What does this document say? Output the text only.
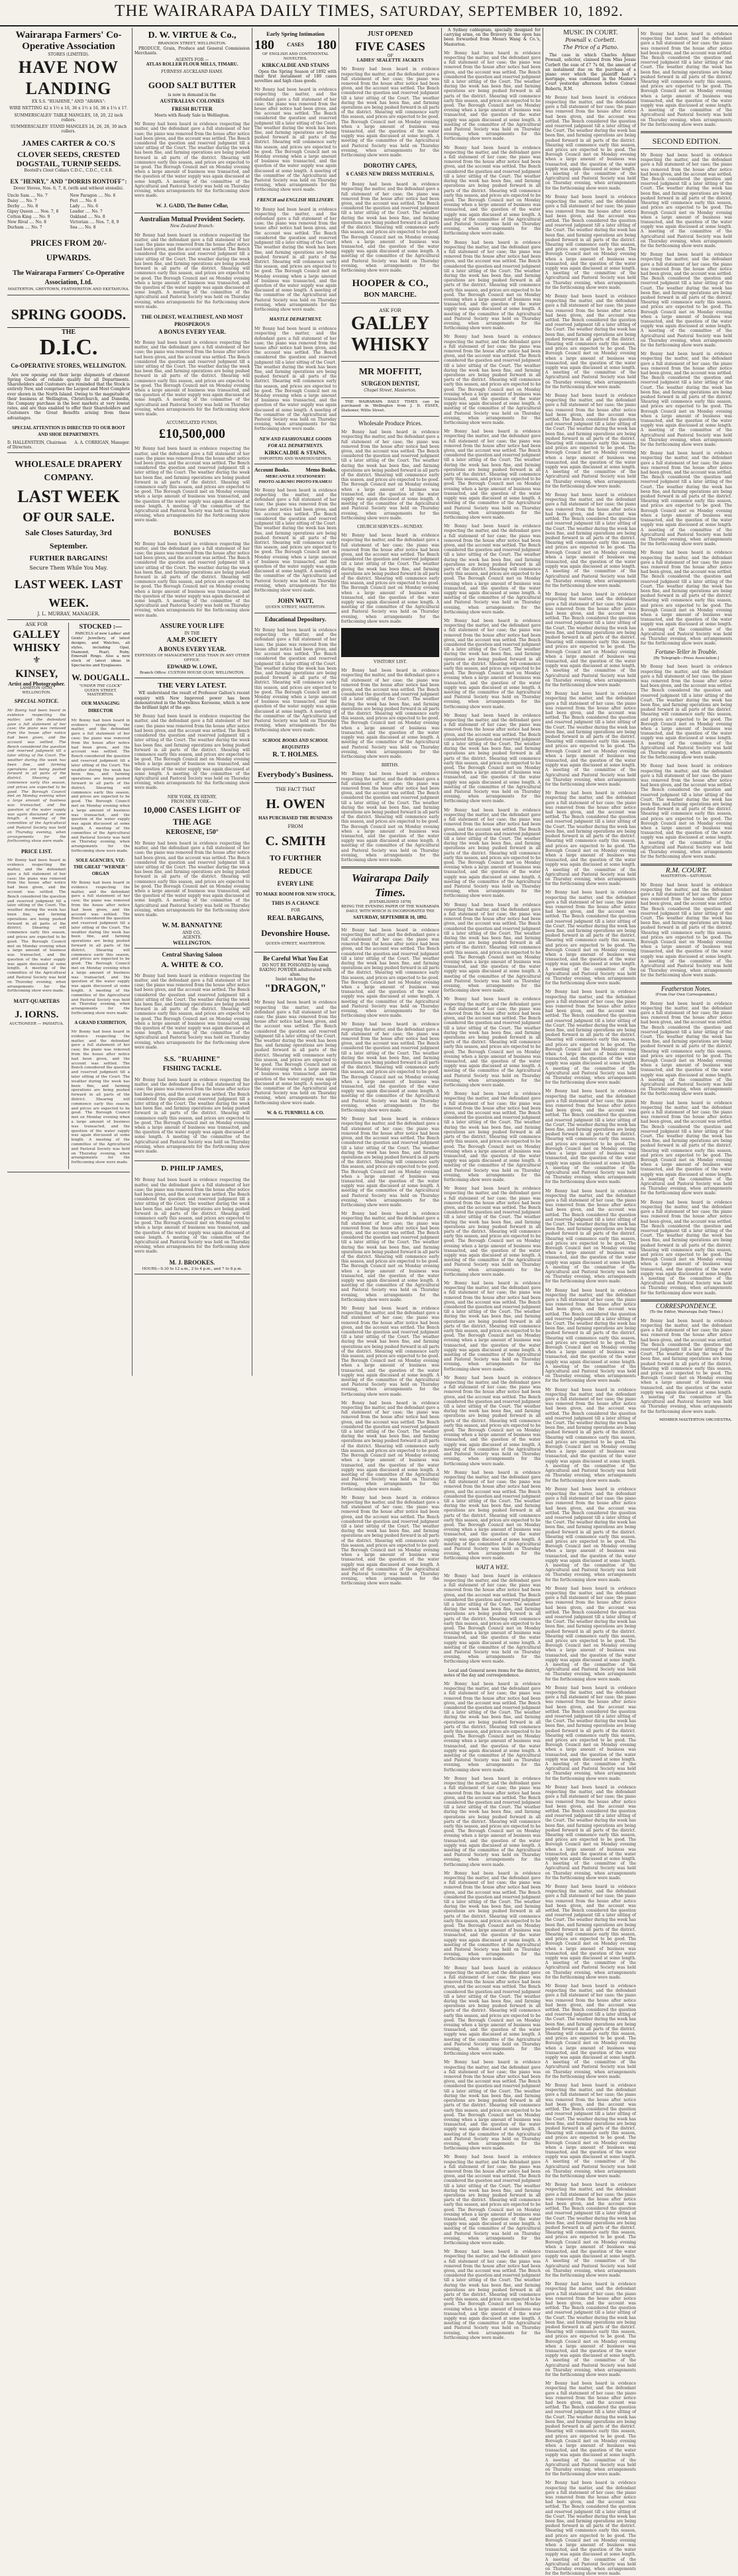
THE WAIRARAPA DAILY TIMES, SATURDAY, SEPTEMBER 10, 1892.
Wairarapa Farmers' Co-Operative Association
STORES (LIMITED).
HAVE NOW LANDING
EX S.S. "RUAHINE," AND "ARAWA":
WIRE NETTING 42 x 1½ x 16, 36 x 1½ x 16, 36 x 1¼ x 17.
SUMMERSCALES' TABLE MANGLES, 18, 20, 22 inch rollers.
SUMMERSCALES' STAND MANGLES 24, 26, 28, 30 inch rollers.
JAMES CARTER & CO.'S
CLOVER SEEDS, CRESTED DOGSTAIL, TURNIP SEEDS.
Bootell's Clout Collars C.D.C., C.D.C., C.S.B.
EX "HENRY," AND "DORRIS RONTOFF":
Dover Stoves, Nos. 6, 7, 8, (with and without utensils).
Uncle Sam .... No. 7
Daisy .... No. 7
Derby .... No. 8
Gipsy Queen .... Nos. 7, 8
Cotton King .... No. 9
New Rival .... No. 8
Durham .... No. 7
New Paragon .... No. 6
Peri .... No. 6
Lady .... No. 6
Leader .... No. 7
Oakland .... No. 8
Victorian .... Nos. 7, 8, 9
Sea .... No. 8
PRICES FROM 20/- UPWARDS.
The Wairarapa Farmers' Co-Operative Association, Ltd.
MASTERTON, GREYTOWN, FEATHERSTON AND EKETAHUNA.
SPRING GOODS.
THE
D.I.C.
Co-OPERATIVE STORES, WELLINGTON.

Are now opening out their large shipments of choicest Spring Goods of reliable quality for all Departments. Shareholders and Customers are reminded that the Stock is entirely New, and comprises the Largest and Most Complete ever shown in the North Island. Owing to the magnitude of their business at Wellington, Christchurch, and Dunedin, the Company purchase in the best markets at very lowest rates, and are thus enabled to offer their Shareholders and Customers the Great Benefits arising from these advantages.

SPECIAL ATTENTION IS DIRECTED TO OUR BOOT AND SHOE DEPARTMENTS.
D. HALLENSTEIN, Chairman of Directors.
A. A. CORRIGAN, Manager.
WHOLESALE DRAPERY COMPANY.
LAST WEEK
OF OUR SALE.
Sale Closes Saturday, 3rd September.
FURTHER BARGAINS!
Secure Them While You May.
LAST WEEK. LAST WEEK.
J. L. MURRAY, MANAGER.
ASK FOR
GALLEY WHISKY
⚜
KINSEY,
Artist and Photographer.
LAMBTON QUAY, WELLINGTON.
SPECIAL NOTICE.

Mr Bonny had been heard in evidence respecting the matter, and the defendant gave a full statement of her case; the piano was removed from the house after notice had been given, and the account was settled. The Bench considered the question and reserved judgment till a later sitting of the Court. The weather during the week has been fine, and farming operations are being pushed forward in all parts of the district. Shearing will commence early this season, and prices are expected to be good. The Borough Council met on Monday evening when a large amount of business was transacted, and the question of the water supply was again discussed at some length. A meeting of the committee of the Agricultural and Pastoral Society was held on Thursday evening, when arrangements for the forthcoming show were made.

PRICE LIST.

Mr Bonny had been heard in evidence respecting the matter, and the defendant gave a full statement of her case; the piano was removed from the house after notice had been given, and the account was settled. The Bench considered the question and reserved judgment till a later sitting of the Court. The weather during the week has been fine, and farming operations are being pushed forward in all parts of the district. Shearing will commence early this season, and prices are expected to be good. The Borough Council met on Monday evening when a large amount of business was transacted, and the question of the water supply was again discussed at some length. A meeting of the committee of the Agricultural and Pastoral Society was held on Thursday evening, when arrangements for the forthcoming show were made.

MATT-QUARTERS
J. IORNS.
AUCTIONEER — PAHIATUA.
STOCKED :—

PARCELS of new Ladies' and Gents' Jewellery, of latest designs, and Watches, all styles, including Opal, Diamond, Pearl, Ruby, Emerald Rings. Also a new stock of latest ideas in Spectacles and Eyeglasses.

W. DOUGALL.
"UNDER THE CLOCK"
QUEEN STREET, MASTERTON.
OUR MANAGING DIRECTOR

Mr Bonny had been heard in evidence respecting the matter, and the defendant gave a full statement of her case; the piano was removed from the house after notice had been given, and the account was settled. The Bench considered the question and reserved judgment till a later sitting of the Court. The weather during the week has been fine, and farming operations are being pushed forward in all parts of the district. Shearing will commence early this season, and prices are expected to be good. The Borough Council met on Monday evening when a large amount of business was transacted, and the question of the water supply was again discussed at some length. A meeting of the committee of the Agricultural and Pastoral Society was held on Thursday evening, when arrangements for the forthcoming show were made.

SOLE AGENCIES, VIZ: THE GREAT "WERNER" ORGAN

Mr Bonny had been heard in evidence respecting the matter, and the defendant gave a full statement of her case; the piano was removed from the house after notice had been given, and the account was settled. The Bench considered the question and reserved judgment till a later sitting of the Court. The weather during the week has been fine, and farming operations are being pushed forward in all parts of the district. Shearing will commence early this season, and prices are expected to be good. The Borough Council met on Monday evening when a large amount of business was transacted, and the question of the water supply was again discussed at some length. A meeting of the committee of the Agricultural and Pastoral Society was held on Thursday evening, when arrangements for the forthcoming show were made.

A GRAND EXHIBITION,

Mr Bonny had been heard in evidence respecting the matter, and the defendant gave a full statement of her case; the piano was removed from the house after notice had been given, and the account was settled. The Bench considered the question and reserved judgment till a later sitting of the Court. The weather during the week has been fine, and farming operations are being pushed forward in all parts of the district. Shearing will commence early this season, and prices are expected to be good. The Borough Council met on Monday evening when a large amount of business was transacted, and the question of the water supply was again discussed at some length. A meeting of the committee of the Agricultural and Pastoral Society was held on Thursday evening, when arrangements for the forthcoming show were made.

D. W. VIRTUE & Co.,
BRANDON STREET, WELLINGTON.

PRODUCE, Grain, Produce and General Commission Merchants.

AGENTS FOR —
ATLAS ROLLER FLOUR MILLS, TIMARU.
FURNESS AUCKLAND HAMS.
GOOD SALT BUTTER
is now in demand in the
AUSTRALIAN COLONIES
FRESH BUTTER
Meets with Ready Sale in Wellington.

Mr Bonny had been heard in evidence respecting the matter, and the defendant gave a full statement of her case; the piano was removed from the house after notice had been given, and the account was settled. The Bench considered the question and reserved judgment till a later sitting of the Court. The weather during the week has been fine, and farming operations are being pushed forward in all parts of the district. Shearing will commence early this season, and prices are expected to be good. The Borough Council met on Monday evening when a large amount of business was transacted, and the question of the water supply was again discussed at some length. A meeting of the committee of the Agricultural and Pastoral Society was held on Thursday evening, when arrangements for the forthcoming show were made.

W. J. GADD, The Butter Cellar,
Australian Mutual Provident Society.
New Zealand Branch:

Mr Bonny had been heard in evidence respecting the matter, and the defendant gave a full statement of her case; the piano was removed from the house after notice had been given, and the account was settled. The Bench considered the question and reserved judgment till a later sitting of the Court. The weather during the week has been fine, and farming operations are being pushed forward in all parts of the district. Shearing will commence early this season, and prices are expected to be good. The Borough Council met on Monday evening when a large amount of business was transacted, and the question of the water supply was again discussed at some length. A meeting of the committee of the Agricultural and Pastoral Society was held on Thursday evening, when arrangements for the forthcoming show were made.

THE OLDEST, WEALTHIEST, AND MOST PROSPEROUS
A BONUS EVERY YEAR.

Mr Bonny had been heard in evidence respecting the matter, and the defendant gave a full statement of her case; the piano was removed from the house after notice had been given, and the account was settled. The Bench considered the question and reserved judgment till a later sitting of the Court. The weather during the week has been fine, and farming operations are being pushed forward in all parts of the district. Shearing will commence early this season, and prices are expected to be good. The Borough Council met on Monday evening when a large amount of business was transacted, and the question of the water supply was again discussed at some length. A meeting of the committee of the Agricultural and Pastoral Society was held on Thursday evening, when arrangements for the forthcoming show were made.

ACCUMULATED FUNDS,
£10,500,000

Mr Bonny had been heard in evidence respecting the matter, and the defendant gave a full statement of her case; the piano was removed from the house after notice had been given, and the account was settled. The Bench considered the question and reserved judgment till a later sitting of the Court. The weather during the week has been fine, and farming operations are being pushed forward in all parts of the district. Shearing will commence early this season, and prices are expected to be good. The Borough Council met on Monday evening when a large amount of business was transacted, and the question of the water supply was again discussed at some length. A meeting of the committee of the Agricultural and Pastoral Society was held on Thursday evening, when arrangements for the forthcoming show were made.

BONUSES

Mr Bonny had been heard in evidence respecting the matter, and the defendant gave a full statement of her case; the piano was removed from the house after notice had been given, and the account was settled. The Bench considered the question and reserved judgment till a later sitting of the Court. The weather during the week has been fine, and farming operations are being pushed forward in all parts of the district. Shearing will commence early this season, and prices are expected to be good. The Borough Council met on Monday evening when a large amount of business was transacted, and the question of the water supply was again discussed at some length. A meeting of the committee of the Agricultural and Pastoral Society was held on Thursday evening, when arrangements for the forthcoming show were made.

ASSURE YOUR LIFE
IN THE
A.M.P. SOCIETY
A BONUS EVERY YEAR.
EXPENSES OF MANAGEMENT LESS THAN IN ANY OTHER OFFICE.
EDWARD W. LOWE,
Branch Office: CUSTOM HOUSE QUAY, WELLINGTON.
THE VERY LATEST.

WE understand the result of Professor Galton's recent enquiry with New Improved power has been demonstrated in the Marvellous Kerosene, which is now the brilliant light of the age.

Mr Bonny had been heard in evidence respecting the matter, and the defendant gave a full statement of her case; the piano was removed from the house after notice had been given, and the account was settled. The Bench considered the question and reserved judgment till a later sitting of the Court. The weather during the week has been fine, and farming operations are being pushed forward in all parts of the district. Shearing will commence early this season, and prices are expected to be good. The Borough Council met on Monday evening when a large amount of business was transacted, and the question of the water supply was again discussed at some length. A meeting of the committee of the Agricultural and Pastoral Society was held on Thursday evening, when arrangements for the forthcoming show were made.

NEW YORK, EX HENRY,
FROM NEW YORK—
10,000 CASES LIGHT OF THE AGE
KEROSENE, 150°

Mr Bonny had been heard in evidence respecting the matter, and the defendant gave a full statement of her case; the piano was removed from the house after notice had been given, and the account was settled. The Bench considered the question and reserved judgment till a later sitting of the Court. The weather during the week has been fine, and farming operations are being pushed forward in all parts of the district. Shearing will commence early this season, and prices are expected to be good. The Borough Council met on Monday evening when a large amount of business was transacted, and the question of the water supply was again discussed at some length. A meeting of the committee of the Agricultural and Pastoral Society was held on Thursday evening, when arrangements for the forthcoming show were made.

W. M. BANNATYNE
AND CO.,
AGENTS.
WELLINGTON.
Central Shaving Saloon
A. WHITE & CO.

Mr Bonny had been heard in evidence respecting the matter, and the defendant gave a full statement of her case; the piano was removed from the house after notice had been given, and the account was settled. The Bench considered the question and reserved judgment till a later sitting of the Court. The weather during the week has been fine, and farming operations are being pushed forward in all parts of the district. Shearing will commence early this season, and prices are expected to be good. The Borough Council met on Monday evening when a large amount of business was transacted, and the question of the water supply was again discussed at some length. A meeting of the committee of the Agricultural and Pastoral Society was held on Thursday evening, when arrangements for the forthcoming show were made.

S.S. "RUAHINE"
FISHING TACKLE.

Mr Bonny had been heard in evidence respecting the matter, and the defendant gave a full statement of her case; the piano was removed from the house after notice had been given, and the account was settled. The Bench considered the question and reserved judgment till a later sitting of the Court. The weather during the week has been fine, and farming operations are being pushed forward in all parts of the district. Shearing will commence early this season, and prices are expected to be good. The Borough Council met on Monday evening when a large amount of business was transacted, and the question of the water supply was again discussed at some length. A meeting of the committee of the Agricultural and Pastoral Society was held on Thursday evening, when arrangements for the forthcoming show were made.

D. PHILIP JAMES,

Mr Bonny had been heard in evidence respecting the matter, and the defendant gave a full statement of her case; the piano was removed from the house after notice had been given, and the account was settled. The Bench considered the question and reserved judgment till a later sitting of the Court. The weather during the week has been fine, and farming operations are being pushed forward in all parts of the district. Shearing will commence early this season, and prices are expected to be good. The Borough Council met on Monday evening when a large amount of business was transacted, and the question of the water supply was again discussed at some length. A meeting of the committee of the Agricultural and Pastoral Society was held on Thursday evening, when arrangements for the forthcoming show were made.

M. J. BROOKES.
HOURS—9.30 to 12 a.m., 2 to 4 p.m., and 7 to 8 p.m.
Early Spring Intimation
180 CASES 180
OF ENGLISH AND CONTINENTAL NOVELTIES.
KIRKCALDIE AND STAINS

Open the Spring Season of 1892 with their first instalment of 180 cases novelties and high class goods.

Mr Bonny had been heard in evidence respecting the matter, and the defendant gave a full statement of her case; the piano was removed from the house after notice had been given, and the account was settled. The Bench considered the question and reserved judgment till a later sitting of the Court. The weather during the week has been fine, and farming operations are being pushed forward in all parts of the district. Shearing will commence early this season, and prices are expected to be good. The Borough Council met on Monday evening when a large amount of business was transacted, and the question of the water supply was again discussed at some length. A meeting of the committee of the Agricultural and Pastoral Society was held on Thursday evening, when arrangements for the forthcoming show were made.

FRENCH and ENGLISH MILLINERY.

Mr Bonny had been heard in evidence respecting the matter, and the defendant gave a full statement of her case; the piano was removed from the house after notice had been given, and the account was settled. The Bench considered the question and reserved judgment till a later sitting of the Court. The weather during the week has been fine, and farming operations are being pushed forward in all parts of the district. Shearing will commence early this season, and prices are expected to be good. The Borough Council met on Monday evening when a large amount of business was transacted, and the question of the water supply was again discussed at some length. A meeting of the committee of the Agricultural and Pastoral Society was held on Thursday evening, when arrangements for the forthcoming show were made.

MANTLE DEPARTMENT.

Mr Bonny had been heard in evidence respecting the matter, and the defendant gave a full statement of her case; the piano was removed from the house after notice had been given, and the account was settled. The Bench considered the question and reserved judgment till a later sitting of the Court. The weather during the week has been fine, and farming operations are being pushed forward in all parts of the district. Shearing will commence early this season, and prices are expected to be good. The Borough Council met on Monday evening when a large amount of business was transacted, and the question of the water supply was again discussed at some length. A meeting of the committee of the Agricultural and Pastoral Society was held on Thursday evening, when arrangements for the forthcoming show were made.

NEW AND FASHIONABLE GOODS
FOR ALL DEPARTMENTS.
KIRKCALDIE & STAINS,
IMPORTERS AND WAREHOUSEMEN,
Account Books.	Memo Books.
MERCANTILE STATIONERY!
PHOTO ALBUMS! PHOTO FRAMES!

Mr Bonny had been heard in evidence respecting the matter, and the defendant gave a full statement of her case; the piano was removed from the house after notice had been given, and the account was settled. The Bench considered the question and reserved judgment till a later sitting of the Court. The weather during the week has been fine, and farming operations are being pushed forward in all parts of the district. Shearing will commence early this season, and prices are expected to be good. The Borough Council met on Monday evening when a large amount of business was transacted, and the question of the water supply was again discussed at some length. A meeting of the committee of the Agricultural and Pastoral Society was held on Thursday evening, when arrangements for the forthcoming show were made.

JOHN WATT,
QUEEN STREET, MASTERTON.
Educational Depository.

Mr Bonny had been heard in evidence respecting the matter, and the defendant gave a full statement of her case; the piano was removed from the house after notice had been given, and the account was settled. The Bench considered the question and reserved judgment till a later sitting of the Court. The weather during the week has been fine, and farming operations are being pushed forward in all parts of the district. Shearing will commence early this season, and prices are expected to be good. The Borough Council met on Monday evening when a large amount of business was transacted, and the question of the water supply was again discussed at some length. A meeting of the committee of the Agricultural and Pastoral Society was held on Thursday evening, when arrangements for the forthcoming show were made.

SCHOOL BOOKS AND SCHOOL REQUISITES
R. T. HOLMES.
Everybody's Business.
THE FACT THAT
H. OWEN
HAS PURCHASED THE BUSINESS
FROM
C. SMITH
TO FURTHER REDUCE
EVERY LINE
TO MAKE ROOM FOR NEW STOCK,
THIS IS A CHANCE
FOR
REAL BARGAINS,
Devonshire House.
QUEEN-STREET, MASTERTON.
Be Careful What You Eat
DO NOT BE POISONED by using
BAKING POWDER adulterated with alum.
Insist on having the
"DRAGON,"

Mr Bonny had been heard in evidence respecting the matter, and the defendant gave a full statement of her case; the piano was removed from the house after notice had been given, and the account was settled. The Bench considered the question and reserved judgment till a later sitting of the Court. The weather during the week has been fine, and farming operations are being pushed forward in all parts of the district. Shearing will commence early this season, and prices are expected to be good. The Borough Council met on Monday evening when a large amount of business was transacted, and the question of the water supply was again discussed at some length. A meeting of the committee of the Agricultural and Pastoral Society was held on Thursday evening, when arrangements for the forthcoming show were made.

W. & G. TURNBULL & CO.
JUST OPENED
FIVE CASES
OF
LADIES' SEALETTE JACKETS

Mr Bonny had been heard in evidence respecting the matter, and the defendant gave a full statement of her case; the piano was removed from the house after notice had been given, and the account was settled. The Bench considered the question and reserved judgment till a later sitting of the Court. The weather during the week has been fine, and farming operations are being pushed forward in all parts of the district. Shearing will commence early this season, and prices are expected to be good. The Borough Council met on Monday evening when a large amount of business was transacted, and the question of the water supply was again discussed at some length. A meeting of the committee of the Agricultural and Pastoral Society was held on Thursday evening, when arrangements for the forthcoming show were made.

DOROTHY CAPES,
6 CASES NEW DRESS MATERIALS,

Mr Bonny had been heard in evidence respecting the matter, and the defendant gave a full statement of her case; the piano was removed from the house after notice had been given, and the account was settled. The Bench considered the question and reserved judgment till a later sitting of the Court. The weather during the week has been fine, and farming operations are being pushed forward in all parts of the district. Shearing will commence early this season, and prices are expected to be good. The Borough Council met on Monday evening when a large amount of business was transacted, and the question of the water supply was again discussed at some length. A meeting of the committee of the Agricultural and Pastoral Society was held on Thursday evening, when arrangements for the forthcoming show were made.

HOOPER & CO.,
BON MARCHE.
ASK FOR
GALLEY
WHISKY
MR MOFFITT,
SURGEON DENTIST,
Chapel Street, Masterton.

THE WAIRARAPA DAILY TIMES can be purchased in Wellington from J. D. ESSEX, Stationer, Willis Street.

Wholesale Produce Prices.

Mr Bonny had been heard in evidence respecting the matter, and the defendant gave a full statement of her case; the piano was removed from the house after notice had been given, and the account was settled. The Bench considered the question and reserved judgment till a later sitting of the Court. The weather during the week has been fine, and farming operations are being pushed forward in all parts of the district. Shearing will commence early this season, and prices are expected to be good. The Borough Council met on Monday evening when a large amount of business was transacted, and the question of the water supply was again discussed at some length. A meeting of the committee of the Agricultural and Pastoral Society was held on Thursday evening, when arrangements for the forthcoming show were made.

CHURCH SERVICES—SUNDAY.

Mr Bonny had been heard in evidence respecting the matter, and the defendant gave a full statement of her case; the piano was removed from the house after notice had been given, and the account was settled. The Bench considered the question and reserved judgment till a later sitting of the Court. The weather during the week has been fine, and farming operations are being pushed forward in all parts of the district. Shearing will commence early this season, and prices are expected to be good. The Borough Council met on Monday evening when a large amount of business was transacted, and the question of the water supply was again discussed at some length. A meeting of the committee of the Agricultural and Pastoral Society was held on Thursday evening, when arrangements for the forthcoming show were made.

VISITORS' LIST.

Mr Bonny had been heard in evidence respecting the matter, and the defendant gave a full statement of her case; the piano was removed from the house after notice had been given, and the account was settled. The Bench considered the question and reserved judgment till a later sitting of the Court. The weather during the week has been fine, and farming operations are being pushed forward in all parts of the district. Shearing will commence early this season, and prices are expected to be good. The Borough Council met on Monday evening when a large amount of business was transacted, and the question of the water supply was again discussed at some length. A meeting of the committee of the Agricultural and Pastoral Society was held on Thursday evening, when arrangements for the forthcoming show were made.

BIRTHS.

Mr Bonny had been heard in evidence respecting the matter, and the defendant gave a full statement of her case; the piano was removed from the house after notice had been given, and the account was settled. The Bench considered the question and reserved judgment till a later sitting of the Court. The weather during the week has been fine, and farming operations are being pushed forward in all parts of the district. Shearing will commence early this season, and prices are expected to be good. The Borough Council met on Monday evening when a large amount of business was transacted, and the question of the water supply was again discussed at some length. A meeting of the committee of the Agricultural and Pastoral Society was held on Thursday evening, when arrangements for the forthcoming show were made.

Wairarapa Daily Times.
[ESTABLISHED 1878]
BEING THE EVENING PAPER OF THE WAIRARAPA DAILY, WITH WHICH IS INCORPORATED THE
SATURDAY, SEPTEMBER 10, 1892.

Mr Bonny had been heard in evidence respecting the matter, and the defendant gave a full statement of her case; the piano was removed from the house after notice had been given, and the account was settled. The Bench considered the question and reserved judgment till a later sitting of the Court. The weather during the week has been fine, and farming operations are being pushed forward in all parts of the district. Shearing will commence early this season, and prices are expected to be good. The Borough Council met on Monday evening when a large amount of business was transacted, and the question of the water supply was again discussed at some length. A meeting of the committee of the Agricultural and Pastoral Society was held on Thursday evening, when arrangements for the forthcoming show were made.

Mr Bonny had been heard in evidence respecting the matter, and the defendant gave a full statement of her case; the piano was removed from the house after notice had been given, and the account was settled. The Bench considered the question and reserved judgment till a later sitting of the Court. The weather during the week has been fine, and farming operations are being pushed forward in all parts of the district. Shearing will commence early this season, and prices are expected to be good. The Borough Council met on Monday evening when a large amount of business was transacted, and the question of the water supply was again discussed at some length. A meeting of the committee of the Agricultural and Pastoral Society was held on Thursday evening, when arrangements for the forthcoming show were made.

Mr Bonny had been heard in evidence respecting the matter, and the defendant gave a full statement of her case; the piano was removed from the house after notice had been given, and the account was settled. The Bench considered the question and reserved judgment till a later sitting of the Court. The weather during the week has been fine, and farming operations are being pushed forward in all parts of the district. Shearing will commence early this season, and prices are expected to be good. The Borough Council met on Monday evening when a large amount of business was transacted, and the question of the water supply was again discussed at some length. A meeting of the committee of the Agricultural and Pastoral Society was held on Thursday evening, when arrangements for the forthcoming show were made.

Mr Bonny had been heard in evidence respecting the matter, and the defendant gave a full statement of her case; the piano was removed from the house after notice had been given, and the account was settled. The Bench considered the question and reserved judgment till a later sitting of the Court. The weather during the week has been fine, and farming operations are being pushed forward in all parts of the district. Shearing will commence early this season, and prices are expected to be good. The Borough Council met on Monday evening when a large amount of business was transacted, and the question of the water supply was again discussed at some length. A meeting of the committee of the Agricultural and Pastoral Society was held on Thursday evening, when arrangements for the forthcoming show were made.

Mr Bonny had been heard in evidence respecting the matter, and the defendant gave a full statement of her case; the piano was removed from the house after notice had been given, and the account was settled. The Bench considered the question and reserved judgment till a later sitting of the Court. The weather during the week has been fine, and farming operations are being pushed forward in all parts of the district. Shearing will commence early this season, and prices are expected to be good. The Borough Council met on Monday evening when a large amount of business was transacted, and the question of the water supply was again discussed at some length. A meeting of the committee of the Agricultural and Pastoral Society was held on Thursday evening, when arrangements for the forthcoming show were made.

Mr Bonny had been heard in evidence respecting the matter, and the defendant gave a full statement of her case; the piano was removed from the house after notice had been given, and the account was settled. The Bench considered the question and reserved judgment till a later sitting of the Court. The weather during the week has been fine, and farming operations are being pushed forward in all parts of the district. Shearing will commence early this season, and prices are expected to be good. The Borough Council met on Monday evening when a large amount of business was transacted, and the question of the water supply was again discussed at some length. A meeting of the committee of the Agricultural and Pastoral Society was held on Thursday evening, when arrangements for the forthcoming show were made.

Mr Bonny had been heard in evidence respecting the matter, and the defendant gave a full statement of her case; the piano was removed from the house after notice had been given, and the account was settled. The Bench considered the question and reserved judgment till a later sitting of the Court. The weather during the week has been fine, and farming operations are being pushed forward in all parts of the district. Shearing will commence early this season, and prices are expected to be good. The Borough Council met on Monday evening when a large amount of business was transacted, and the question of the water supply was again discussed at some length. A meeting of the committee of the Agricultural and Pastoral Society was held on Thursday evening, when arrangements for the forthcoming show were made.

A Sydney cablegram, specially designed for carrying arms, on the Bravery in the open has been forwarded from Messrs Wang & Co.'s, Masterton.

Mr Bonny had been heard in evidence respecting the matter, and the defendant gave a full statement of her case; the piano was removed from the house after notice had been given, and the account was settled. The Bench considered the question and reserved judgment till a later sitting of the Court. The weather during the week has been fine, and farming operations are being pushed forward in all parts of the district. Shearing will commence early this season, and prices are expected to be good. The Borough Council met on Monday evening when a large amount of business was transacted, and the question of the water supply was again discussed at some length. A meeting of the committee of the Agricultural and Pastoral Society was held on Thursday evening, when arrangements for the forthcoming show were made.

Mr Bonny had been heard in evidence respecting the matter, and the defendant gave a full statement of her case; the piano was removed from the house after notice had been given, and the account was settled. The Bench considered the question and reserved judgment till a later sitting of the Court. The weather during the week has been fine, and farming operations are being pushed forward in all parts of the district. Shearing will commence early this season, and prices are expected to be good. The Borough Council met on Monday evening when a large amount of business was transacted, and the question of the water supply was again discussed at some length. A meeting of the committee of the Agricultural and Pastoral Society was held on Thursday evening, when arrangements for the forthcoming show were made.

Mr Bonny had been heard in evidence respecting the matter, and the defendant gave a full statement of her case; the piano was removed from the house after notice had been given, and the account was settled. The Bench considered the question and reserved judgment till a later sitting of the Court. The weather during the week has been fine, and farming operations are being pushed forward in all parts of the district. Shearing will commence early this season, and prices are expected to be good. The Borough Council met on Monday evening when a large amount of business was transacted, and the question of the water supply was again discussed at some length. A meeting of the committee of the Agricultural and Pastoral Society was held on Thursday evening, when arrangements for the forthcoming show were made.

Mr Bonny had been heard in evidence respecting the matter, and the defendant gave a full statement of her case; the piano was removed from the house after notice had been given, and the account was settled. The Bench considered the question and reserved judgment till a later sitting of the Court. The weather during the week has been fine, and farming operations are being pushed forward in all parts of the district. Shearing will commence early this season, and prices are expected to be good. The Borough Council met on Monday evening when a large amount of business was transacted, and the question of the water supply was again discussed at some length. A meeting of the committee of the Agricultural and Pastoral Society was held on Thursday evening, when arrangements for the forthcoming show were made.

Mr Bonny had been heard in evidence respecting the matter, and the defendant gave a full statement of her case; the piano was removed from the house after notice had been given, and the account was settled. The Bench considered the question and reserved judgment till a later sitting of the Court. The weather during the week has been fine, and farming operations are being pushed forward in all parts of the district. Shearing will commence early this season, and prices are expected to be good. The Borough Council met on Monday evening when a large amount of business was transacted, and the question of the water supply was again discussed at some length. A meeting of the committee of the Agricultural and Pastoral Society was held on Thursday evening, when arrangements for the forthcoming show were made.

Mr Bonny had been heard in evidence respecting the matter, and the defendant gave a full statement of her case; the piano was removed from the house after notice had been given, and the account was settled. The Bench considered the question and reserved judgment till a later sitting of the Court. The weather during the week has been fine, and farming operations are being pushed forward in all parts of the district. Shearing will commence early this season, and prices are expected to be good. The Borough Council met on Monday evening when a large amount of business was transacted, and the question of the water supply was again discussed at some length. A meeting of the committee of the Agricultural and Pastoral Society was held on Thursday evening, when arrangements for the forthcoming show were made.

Mr Bonny had been heard in evidence respecting the matter, and the defendant gave a full statement of her case; the piano was removed from the house after notice had been given, and the account was settled. The Bench considered the question and reserved judgment till a later sitting of the Court. The weather during the week has been fine, and farming operations are being pushed forward in all parts of the district. Shearing will commence early this season, and prices are expected to be good. The Borough Council met on Monday evening when a large amount of business was transacted, and the question of the water supply was again discussed at some length. A meeting of the committee of the Agricultural and Pastoral Society was held on Thursday evening, when arrangements for the forthcoming show were made.

Mr Bonny had been heard in evidence respecting the matter, and the defendant gave a full statement of her case; the piano was removed from the house after notice had been given, and the account was settled. The Bench considered the question and reserved judgment till a later sitting of the Court. The weather during the week has been fine, and farming operations are being pushed forward in all parts of the district. Shearing will commence early this season, and prices are expected to be good. The Borough Council met on Monday evening when a large amount of business was transacted, and the question of the water supply was again discussed at some length. A meeting of the committee of the Agricultural and Pastoral Society was held on Thursday evening, when arrangements for the forthcoming show were made.

Mr Bonny had been heard in evidence respecting the matter, and the defendant gave a full statement of her case; the piano was removed from the house after notice had been given, and the account was settled. The Bench considered the question and reserved judgment till a later sitting of the Court. The weather during the week has been fine, and farming operations are being pushed forward in all parts of the district. Shearing will commence early this season, and prices are expected to be good. The Borough Council met on Monday evening when a large amount of business was transacted, and the question of the water supply was again discussed at some length. A meeting of the committee of the Agricultural and Pastoral Society was held on Thursday evening, when arrangements for the forthcoming show were made.

Mr Bonny had been heard in evidence respecting the matter, and the defendant gave a full statement of her case; the piano was removed from the house after notice had been given, and the account was settled. The Bench considered the question and reserved judgment till a later sitting of the Court. The weather during the week has been fine, and farming operations are being pushed forward in all parts of the district. Shearing will commence early this season, and prices are expected to be good. The Borough Council met on Monday evening when a large amount of business was transacted, and the question of the water supply was again discussed at some length. A meeting of the committee of the Agricultural and Pastoral Society was held on Thursday evening, when arrangements for the forthcoming show were made.

Mr Bonny had been heard in evidence respecting the matter, and the defendant gave a full statement of her case; the piano was removed from the house after notice had been given, and the account was settled. The Bench considered the question and reserved judgment till a later sitting of the Court. The weather during the week has been fine, and farming operations are being pushed forward in all parts of the district. Shearing will commence early this season, and prices are expected to be good. The Borough Council met on Monday evening when a large amount of business was transacted, and the question of the water supply was again discussed at some length. A meeting of the committee of the Agricultural and Pastoral Society was held on Thursday evening, when arrangements for the forthcoming show were made.

Mr Bonny had been heard in evidence respecting the matter, and the defendant gave a full statement of her case; the piano was removed from the house after notice had been given, and the account was settled. The Bench considered the question and reserved judgment till a later sitting of the Court. The weather during the week has been fine, and farming operations are being pushed forward in all parts of the district. Shearing will commence early this season, and prices are expected to be good. The Borough Council met on Monday evening when a large amount of business was transacted, and the question of the water supply was again discussed at some length. A meeting of the committee of the Agricultural and Pastoral Society was held on Thursday evening, when arrangements for the forthcoming show were made.

Mr Bonny had been heard in evidence respecting the matter, and the defendant gave a full statement of her case; the piano was removed from the house after notice had been given, and the account was settled. The Bench considered the question and reserved judgment till a later sitting of the Court. The weather during the week has been fine, and farming operations are being pushed forward in all parts of the district. Shearing will commence early this season, and prices are expected to be good. The Borough Council met on Monday evening when a large amount of business was transacted, and the question of the water supply was again discussed at some length. A meeting of the committee of the Agricultural and Pastoral Society was held on Thursday evening, when arrangements for the forthcoming show were made.

Mr Bonny had been heard in evidence respecting the matter, and the defendant gave a full statement of her case; the piano was removed from the house after notice had been given, and the account was settled. The Bench considered the question and reserved judgment till a later sitting of the Court. The weather during the week has been fine, and farming operations are being pushed forward in all parts of the district. Shearing will commence early this season, and prices are expected to be good. The Borough Council met on Monday evening when a large amount of business was transacted, and the question of the water supply was again discussed at some length. A meeting of the committee of the Agricultural and Pastoral Society was held on Thursday evening, when arrangements for the forthcoming show were made.

Mr Bonny had been heard in evidence respecting the matter, and the defendant gave a full statement of her case; the piano was removed from the house after notice had been given, and the account was settled. The Bench considered the question and reserved judgment till a later sitting of the Court. The weather during the week has been fine, and farming operations are being pushed forward in all parts of the district. Shearing will commence early this season, and prices are expected to be good. The Borough Council met on Monday evening when a large amount of business was transacted, and the question of the water supply was again discussed at some length. A meeting of the committee of the Agricultural and Pastoral Society was held on Thursday evening, when arrangements for the forthcoming show were made.

Mr Bonny had been heard in evidence respecting the matter, and the defendant gave a full statement of her case; the piano was removed from the house after notice had been given, and the account was settled. The Bench considered the question and reserved judgment till a later sitting of the Court. The weather during the week has been fine, and farming operations are being pushed forward in all parts of the district. Shearing will commence early this season, and prices are expected to be good. The Borough Council met on Monday evening when a large amount of business was transacted, and the question of the water supply was again discussed at some length. A meeting of the committee of the Agricultural and Pastoral Society was held on Thursday evening, when arrangements for the forthcoming show were made.

WAIT A WEE.

Mr Bonny had been heard in evidence respecting the matter, and the defendant gave a full statement of her case; the piano was removed from the house after notice had been given, and the account was settled. The Bench considered the question and reserved judgment till a later sitting of the Court. The weather during the week has been fine, and farming operations are being pushed forward in all parts of the district. Shearing will commence early this season, and prices are expected to be good. The Borough Council met on Monday evening when a large amount of business was transacted, and the question of the water supply was again discussed at some length. A meeting of the committee of the Agricultural and Pastoral Society was held on Thursday evening, when arrangements for the forthcoming show were made.

Local and General news items for the district, notes of the day and correspondence.

Mr Bonny had been heard in evidence respecting the matter, and the defendant gave a full statement of her case; the piano was removed from the house after notice had been given, and the account was settled. The Bench considered the question and reserved judgment till a later sitting of the Court. The weather during the week has been fine, and farming operations are being pushed forward in all parts of the district. Shearing will commence early this season, and prices are expected to be good. The Borough Council met on Monday evening when a large amount of business was transacted, and the question of the water supply was again discussed at some length. A meeting of the committee of the Agricultural and Pastoral Society was held on Thursday evening, when arrangements for the forthcoming show were made.

Mr Bonny had been heard in evidence respecting the matter, and the defendant gave a full statement of her case; the piano was removed from the house after notice had been given, and the account was settled. The Bench considered the question and reserved judgment till a later sitting of the Court. The weather during the week has been fine, and farming operations are being pushed forward in all parts of the district. Shearing will commence early this season, and prices are expected to be good. The Borough Council met on Monday evening when a large amount of business was transacted, and the question of the water supply was again discussed at some length. A meeting of the committee of the Agricultural and Pastoral Society was held on Thursday evening, when arrangements for the forthcoming show were made.

Mr Bonny had been heard in evidence respecting the matter, and the defendant gave a full statement of her case; the piano was removed from the house after notice had been given, and the account was settled. The Bench considered the question and reserved judgment till a later sitting of the Court. The weather during the week has been fine, and farming operations are being pushed forward in all parts of the district. Shearing will commence early this season, and prices are expected to be good. The Borough Council met on Monday evening when a large amount of business was transacted, and the question of the water supply was again discussed at some length. A meeting of the committee of the Agricultural and Pastoral Society was held on Thursday evening, when arrangements for the forthcoming show were made.

Mr Bonny had been heard in evidence respecting the matter, and the defendant gave a full statement of her case; the piano was removed from the house after notice had been given, and the account was settled. The Bench considered the question and reserved judgment till a later sitting of the Court. The weather during the week has been fine, and farming operations are being pushed forward in all parts of the district. Shearing will commence early this season, and prices are expected to be good. The Borough Council met on Monday evening when a large amount of business was transacted, and the question of the water supply was again discussed at some length. A meeting of the committee of the Agricultural and Pastoral Society was held on Thursday evening, when arrangements for the forthcoming show were made.

Mr Bonny had been heard in evidence respecting the matter, and the defendant gave a full statement of her case; the piano was removed from the house after notice had been given, and the account was settled. The Bench considered the question and reserved judgment till a later sitting of the Court. The weather during the week has been fine, and farming operations are being pushed forward in all parts of the district. Shearing will commence early this season, and prices are expected to be good. The Borough Council met on Monday evening when a large amount of business was transacted, and the question of the water supply was again discussed at some length. A meeting of the committee of the Agricultural and Pastoral Society was held on Thursday evening, when arrangements for the forthcoming show were made.

Mr Bonny had been heard in evidence respecting the matter, and the defendant gave a full statement of her case; the piano was removed from the house after notice had been given, and the account was settled. The Bench considered the question and reserved judgment till a later sitting of the Court. The weather during the week has been fine, and farming operations are being pushed forward in all parts of the district. Shearing will commence early this season, and prices are expected to be good. The Borough Council met on Monday evening when a large amount of business was transacted, and the question of the water supply was again discussed at some length. A meeting of the committee of the Agricultural and Pastoral Society was held on Thursday evening, when arrangements for the forthcoming show were made.

Mr Bonny had been heard in evidence respecting the matter, and the defendant gave a full statement of her case; the piano was removed from the house after notice had been given, and the account was settled. The Bench considered the question and reserved judgment till a later sitting of the Court. The weather during the week has been fine, and farming operations are being pushed forward in all parts of the district. Shearing will commence early this season, and prices are expected to be good. The Borough Council met on Monday evening when a large amount of business was transacted, and the question of the water supply was again discussed at some length. A meeting of the committee of the Agricultural and Pastoral Society was held on Thursday evening, when arrangements for the forthcoming show were made.

MUSIC IN COURT.
Pownall v. Corbett.
The Price of a Piano.

The case in which Charles Aylmer Pownall, solicitor, claimed from Miss Jessie Corbett the sum of £7 7s 6d, the amount of an instalment due on the purchase of a piano over which the plaintiff had a mortgage, was continued in the Master's Court yesterday afternoon before Colonel Roberts, R.M.

Mr Bonny had been heard in evidence respecting the matter, and the defendant gave a full statement of her case; the piano was removed from the house after notice had been given, and the account was settled. The Bench considered the question and reserved judgment till a later sitting of the Court. The weather during the week has been fine, and farming operations are being pushed forward in all parts of the district. Shearing will commence early this season, and prices are expected to be good. The Borough Council met on Monday evening when a large amount of business was transacted, and the question of the water supply was again discussed at some length. A meeting of the committee of the Agricultural and Pastoral Society was held on Thursday evening, when arrangements for the forthcoming show were made.

Mr Bonny had been heard in evidence respecting the matter, and the defendant gave a full statement of her case; the piano was removed from the house after notice had been given, and the account was settled. The Bench considered the question and reserved judgment till a later sitting of the Court. The weather during the week has been fine, and farming operations are being pushed forward in all parts of the district. Shearing will commence early this season, and prices are expected to be good. The Borough Council met on Monday evening when a large amount of business was transacted, and the question of the water supply was again discussed at some length. A meeting of the committee of the Agricultural and Pastoral Society was held on Thursday evening, when arrangements for the forthcoming show were made.

Mr Bonny had been heard in evidence respecting the matter, and the defendant gave a full statement of her case; the piano was removed from the house after notice had been given, and the account was settled. The Bench considered the question and reserved judgment till a later sitting of the Court. The weather during the week has been fine, and farming operations are being pushed forward in all parts of the district. Shearing will commence early this season, and prices are expected to be good. The Borough Council met on Monday evening when a large amount of business was transacted, and the question of the water supply was again discussed at some length. A meeting of the committee of the Agricultural and Pastoral Society was held on Thursday evening, when arrangements for the forthcoming show were made.

Mr Bonny had been heard in evidence respecting the matter, and the defendant gave a full statement of her case; the piano was removed from the house after notice had been given, and the account was settled. The Bench considered the question and reserved judgment till a later sitting of the Court. The weather during the week has been fine, and farming operations are being pushed forward in all parts of the district. Shearing will commence early this season, and prices are expected to be good. The Borough Council met on Monday evening when a large amount of business was transacted, and the question of the water supply was again discussed at some length. A meeting of the committee of the Agricultural and Pastoral Society was held on Thursday evening, when arrangements for the forthcoming show were made.

Mr Bonny had been heard in evidence respecting the matter, and the defendant gave a full statement of her case; the piano was removed from the house after notice had been given, and the account was settled. The Bench considered the question and reserved judgment till a later sitting of the Court. The weather during the week has been fine, and farming operations are being pushed forward in all parts of the district. Shearing will commence early this season, and prices are expected to be good. The Borough Council met on Monday evening when a large amount of business was transacted, and the question of the water supply was again discussed at some length. A meeting of the committee of the Agricultural and Pastoral Society was held on Thursday evening, when arrangements for the forthcoming show were made.

Mr Bonny had been heard in evidence respecting the matter, and the defendant gave a full statement of her case; the piano was removed from the house after notice had been given, and the account was settled. The Bench considered the question and reserved judgment till a later sitting of the Court. The weather during the week has been fine, and farming operations are being pushed forward in all parts of the district. Shearing will commence early this season, and prices are expected to be good. The Borough Council met on Monday evening when a large amount of business was transacted, and the question of the water supply was again discussed at some length. A meeting of the committee of the Agricultural and Pastoral Society was held on Thursday evening, when arrangements for the forthcoming show were made.

Mr Bonny had been heard in evidence respecting the matter, and the defendant gave a full statement of her case; the piano was removed from the house after notice had been given, and the account was settled. The Bench considered the question and reserved judgment till a later sitting of the Court. The weather during the week has been fine, and farming operations are being pushed forward in all parts of the district. Shearing will commence early this season, and prices are expected to be good. The Borough Council met on Monday evening when a large amount of business was transacted, and the question of the water supply was again discussed at some length. A meeting of the committee of the Agricultural and Pastoral Society was held on Thursday evening, when arrangements for the forthcoming show were made.

Mr Bonny had been heard in evidence respecting the matter, and the defendant gave a full statement of her case; the piano was removed from the house after notice had been given, and the account was settled. The Bench considered the question and reserved judgment till a later sitting of the Court. The weather during the week has been fine, and farming operations are being pushed forward in all parts of the district. Shearing will commence early this season, and prices are expected to be good. The Borough Council met on Monday evening when a large amount of business was transacted, and the question of the water supply was again discussed at some length. A meeting of the committee of the Agricultural and Pastoral Society was held on Thursday evening, when arrangements for the forthcoming show were made.

Mr Bonny had been heard in evidence respecting the matter, and the defendant gave a full statement of her case; the piano was removed from the house after notice had been given, and the account was settled. The Bench considered the question and reserved judgment till a later sitting of the Court. The weather during the week has been fine, and farming operations are being pushed forward in all parts of the district. Shearing will commence early this season, and prices are expected to be good. The Borough Council met on Monday evening when a large amount of business was transacted, and the question of the water supply was again discussed at some length. A meeting of the committee of the Agricultural and Pastoral Society was held on Thursday evening, when arrangements for the forthcoming show were made.

Mr Bonny had been heard in evidence respecting the matter, and the defendant gave a full statement of her case; the piano was removed from the house after notice had been given, and the account was settled. The Bench considered the question and reserved judgment till a later sitting of the Court. The weather during the week has been fine, and farming operations are being pushed forward in all parts of the district. Shearing will commence early this season, and prices are expected to be good. The Borough Council met on Monday evening when a large amount of business was transacted, and the question of the water supply was again discussed at some length. A meeting of the committee of the Agricultural and Pastoral Society was held on Thursday evening, when arrangements for the forthcoming show were made.

Mr Bonny had been heard in evidence respecting the matter, and the defendant gave a full statement of her case; the piano was removed from the house after notice had been given, and the account was settled. The Bench considered the question and reserved judgment till a later sitting of the Court. The weather during the week has been fine, and farming operations are being pushed forward in all parts of the district. Shearing will commence early this season, and prices are expected to be good. The Borough Council met on Monday evening when a large amount of business was transacted, and the question of the water supply was again discussed at some length. A meeting of the committee of the Agricultural and Pastoral Society was held on Thursday evening, when arrangements for the forthcoming show were made.

Mr Bonny had been heard in evidence respecting the matter, and the defendant gave a full statement of her case; the piano was removed from the house after notice had been given, and the account was settled. The Bench considered the question and reserved judgment till a later sitting of the Court. The weather during the week has been fine, and farming operations are being pushed forward in all parts of the district. Shearing will commence early this season, and prices are expected to be good. The Borough Council met on Monday evening when a large amount of business was transacted, and the question of the water supply was again discussed at some length. A meeting of the committee of the Agricultural and Pastoral Society was held on Thursday evening, when arrangements for the forthcoming show were made.

Mr Bonny had been heard in evidence respecting the matter, and the defendant gave a full statement of her case; the piano was removed from the house after notice had been given, and the account was settled. The Bench considered the question and reserved judgment till a later sitting of the Court. The weather during the week has been fine, and farming operations are being pushed forward in all parts of the district. Shearing will commence early this season, and prices are expected to be good. The Borough Council met on Monday evening when a large amount of business was transacted, and the question of the water supply was again discussed at some length. A meeting of the committee of the Agricultural and Pastoral Society was held on Thursday evening, when arrangements for the forthcoming show were made.

Mr Bonny had been heard in evidence respecting the matter, and the defendant gave a full statement of her case; the piano was removed from the house after notice had been given, and the account was settled. The Bench considered the question and reserved judgment till a later sitting of the Court. The weather during the week has been fine, and farming operations are being pushed forward in all parts of the district. Shearing will commence early this season, and prices are expected to be good. The Borough Council met on Monday evening when a large amount of business was transacted, and the question of the water supply was again discussed at some length. A meeting of the committee of the Agricultural and Pastoral Society was held on Thursday evening, when arrangements for the forthcoming show were made.

Mr Bonny had been heard in evidence respecting the matter, and the defendant gave a full statement of her case; the piano was removed from the house after notice had been given, and the account was settled. The Bench considered the question and reserved judgment till a later sitting of the Court. The weather during the week has been fine, and farming operations are being pushed forward in all parts of the district. Shearing will commence early this season, and prices are expected to be good. The Borough Council met on Monday evening when a large amount of business was transacted, and the question of the water supply was again discussed at some length. A meeting of the committee of the Agricultural and Pastoral Society was held on Thursday evening, when arrangements for the forthcoming show were made.

Mr Bonny had been heard in evidence respecting the matter, and the defendant gave a full statement of her case; the piano was removed from the house after notice had been given, and the account was settled. The Bench considered the question and reserved judgment till a later sitting of the Court. The weather during the week has been fine, and farming operations are being pushed forward in all parts of the district. Shearing will commence early this season, and prices are expected to be good. The Borough Council met on Monday evening when a large amount of business was transacted, and the question of the water supply was again discussed at some length. A meeting of the committee of the Agricultural and Pastoral Society was held on Thursday evening, when arrangements for the forthcoming show were made.

Mr Bonny had been heard in evidence respecting the matter, and the defendant gave a full statement of her case; the piano was removed from the house after notice had been given, and the account was settled. The Bench considered the question and reserved judgment till a later sitting of the Court. The weather during the week has been fine, and farming operations are being pushed forward in all parts of the district. Shearing will commence early this season, and prices are expected to be good. The Borough Council met on Monday evening when a large amount of business was transacted, and the question of the water supply was again discussed at some length. A meeting of the committee of the Agricultural and Pastoral Society was held on Thursday evening, when arrangements for the forthcoming show were made.

Mr Bonny had been heard in evidence respecting the matter, and the defendant gave a full statement of her case; the piano was removed from the house after notice had been given, and the account was settled. The Bench considered the question and reserved judgment till a later sitting of the Court. The weather during the week has been fine, and farming operations are being pushed forward in all parts of the district. Shearing will commence early this season, and prices are expected to be good. The Borough Council met on Monday evening when a large amount of business was transacted, and the question of the water supply was again discussed at some length. A meeting of the committee of the Agricultural and Pastoral Society was held on Thursday evening, when arrangements for the forthcoming show were made.

Mr Bonny had been heard in evidence respecting the matter, and the defendant gave a full statement of her case; the piano was removed from the house after notice had been given, and the account was settled. The Bench considered the question and reserved judgment till a later sitting of the Court. The weather during the week has been fine, and farming operations are being pushed forward in all parts of the district. Shearing will commence early this season, and prices are expected to be good. The Borough Council met on Monday evening when a large amount of business was transacted, and the question of the water supply was again discussed at some length. A meeting of the committee of the Agricultural and Pastoral Society was held on Thursday evening, when arrangements for the forthcoming show were made.

Mr Bonny had been heard in evidence respecting the matter, and the defendant gave a full statement of her case; the piano was removed from the house after notice had been given, and the account was settled. The Bench considered the question and reserved judgment till a later sitting of the Court. The weather during the week has been fine, and farming operations are being pushed forward in all parts of the district. Shearing will commence early this season, and prices are expected to be good. The Borough Council met on Monday evening when a large amount of business was transacted, and the question of the water supply was again discussed at some length. A meeting of the committee of the Agricultural and Pastoral Society was held on Thursday evening, when arrangements for the forthcoming show were made.

Mr Bonny had been heard in evidence respecting the matter, and the defendant gave a full statement of her case; the piano was removed from the house after notice had been given, and the account was settled. The Bench considered the question and reserved judgment till a later sitting of the Court. The weather during the week has been fine, and farming operations are being pushed forward in all parts of the district. Shearing will commence early this season, and prices are expected to be good. The Borough Council met on Monday evening when a large amount of business was transacted, and the question of the water supply was again discussed at some length. A meeting of the committee of the Agricultural and Pastoral Society was held on Thursday evening, when arrangements for the forthcoming show were made.

Mr Bonny had been heard in evidence respecting the matter, and the defendant gave a full statement of her case; the piano was removed from the house after notice had been given, and the account was settled. The Bench considered the question and reserved judgment till a later sitting of the Court. The weather during the week has been fine, and farming operations are being pushed forward in all parts of the district. Shearing will commence early this season, and prices are expected to be good. The Borough Council met on Monday evening when a large amount of business was transacted, and the question of the water supply was again discussed at some length. A meeting of the committee of the Agricultural and Pastoral Society was held on Thursday evening, when arrangements for the forthcoming show were made.

Mr Bonny had been heard in evidence respecting the matter, and the defendant gave a full statement of her case; the piano was removed from the house after notice had been given, and the account was settled. The Bench considered the question and reserved judgment till a later sitting of the Court. The weather during the week has been fine, and farming operations are being pushed forward in all parts of the district. Shearing will commence early this season, and prices are expected to be good. The Borough Council met on Monday evening when a large amount of business was transacted, and the question of the water supply was again discussed at some length. A meeting of the committee of the Agricultural and Pastoral Society was held on Thursday evening, when arrangements for the forthcoming show were made.

Mr Bonny had been heard in evidence respecting the matter, and the defendant gave a full statement of her case; the piano was removed from the house after notice had been given, and the account was settled. The Bench considered the question and reserved judgment till a later sitting of the Court. The weather during the week has been fine, and farming operations are being pushed forward in all parts of the district. Shearing will commence early this season, and prices are expected to be good. The Borough Council met on Monday evening when a large amount of business was transacted, and the question of the water supply was again discussed at some length. A meeting of the committee of the Agricultural and Pastoral Society was held on Thursday evening, when arrangements for the forthcoming show were made.

Mr Bonny had been heard in evidence respecting the matter, and the defendant gave a full statement of her case; the piano was removed from the house after notice had been given, and the account was settled. The Bench considered the question and reserved judgment till a later sitting of the Court. The weather during the week has been fine, and farming operations are being pushed forward in all parts of the district. Shearing will commence early this season, and prices are expected to be good. The Borough Council met on Monday evening when a large amount of business was transacted, and the question of the water supply was again discussed at some length. A meeting of the committee of the Agricultural and Pastoral Society was held on Thursday evening, when arrangements for the forthcoming show were made.

Mr Bonny had been heard in evidence respecting the matter, and the defendant gave a full statement of her case; the piano was removed from the house after notice had been given, and the account was settled. The Bench considered the question and reserved judgment till a later sitting of the Court. The weather during the week has been fine, and farming operations are being pushed forward in all parts of the district. Shearing will commence early this season, and prices are expected to be good. The Borough Council met on Monday evening when a large amount of business was transacted, and the question of the water supply was again discussed at some length. A meeting of the committee of the Agricultural and Pastoral Society was held on Thursday evening, when arrangements for the forthcoming show were made.

SECOND EDITION.

Mr Bonny had been heard in evidence respecting the matter, and the defendant gave a full statement of her case; the piano was removed from the house after notice had been given, and the account was settled. The Bench considered the question and reserved judgment till a later sitting of the Court. The weather during the week has been fine, and farming operations are being pushed forward in all parts of the district. Shearing will commence early this season, and prices are expected to be good. The Borough Council met on Monday evening when a large amount of business was transacted, and the question of the water supply was again discussed at some length. A meeting of the committee of the Agricultural and Pastoral Society was held on Thursday evening, when arrangements for the forthcoming show were made.

Mr Bonny had been heard in evidence respecting the matter, and the defendant gave a full statement of her case; the piano was removed from the house after notice had been given, and the account was settled. The Bench considered the question and reserved judgment till a later sitting of the Court. The weather during the week has been fine, and farming operations are being pushed forward in all parts of the district. Shearing will commence early this season, and prices are expected to be good. The Borough Council met on Monday evening when a large amount of business was transacted, and the question of the water supply was again discussed at some length. A meeting of the committee of the Agricultural and Pastoral Society was held on Thursday evening, when arrangements for the forthcoming show were made.

Mr Bonny had been heard in evidence respecting the matter, and the defendant gave a full statement of her case; the piano was removed from the house after notice had been given, and the account was settled. The Bench considered the question and reserved judgment till a later sitting of the Court. The weather during the week has been fine, and farming operations are being pushed forward in all parts of the district. Shearing will commence early this season, and prices are expected to be good. The Borough Council met on Monday evening when a large amount of business was transacted, and the question of the water supply was again discussed at some length. A meeting of the committee of the Agricultural and Pastoral Society was held on Thursday evening, when arrangements for the forthcoming show were made.

Mr Bonny had been heard in evidence respecting the matter, and the defendant gave a full statement of her case; the piano was removed from the house after notice had been given, and the account was settled. The Bench considered the question and reserved judgment till a later sitting of the Court. The weather during the week has been fine, and farming operations are being pushed forward in all parts of the district. Shearing will commence early this season, and prices are expected to be good. The Borough Council met on Monday evening when a large amount of business was transacted, and the question of the water supply was again discussed at some length. A meeting of the committee of the Agricultural and Pastoral Society was held on Thursday evening, when arrangements for the forthcoming show were made.

Mr Bonny had been heard in evidence respecting the matter, and the defendant gave a full statement of her case; the piano was removed from the house after notice had been given, and the account was settled. The Bench considered the question and reserved judgment till a later sitting of the Court. The weather during the week has been fine, and farming operations are being pushed forward in all parts of the district. Shearing will commence early this season, and prices are expected to be good. The Borough Council met on Monday evening when a large amount of business was transacted, and the question of the water supply was again discussed at some length. A meeting of the committee of the Agricultural and Pastoral Society was held on Thursday evening, when arrangements for the forthcoming show were made.

Fortune-Teller in Trouble.
[By Telegraph—Press Association.]

Mr Bonny had been heard in evidence respecting the matter, and the defendant gave a full statement of her case; the piano was removed from the house after notice had been given, and the account was settled. The Bench considered the question and reserved judgment till a later sitting of the Court. The weather during the week has been fine, and farming operations are being pushed forward in all parts of the district. Shearing will commence early this season, and prices are expected to be good. The Borough Council met on Monday evening when a large amount of business was transacted, and the question of the water supply was again discussed at some length. A meeting of the committee of the Agricultural and Pastoral Society was held on Thursday evening, when arrangements for the forthcoming show were made.

Mr Bonny had been heard in evidence respecting the matter, and the defendant gave a full statement of her case; the piano was removed from the house after notice had been given, and the account was settled. The Bench considered the question and reserved judgment till a later sitting of the Court. The weather during the week has been fine, and farming operations are being pushed forward in all parts of the district. Shearing will commence early this season, and prices are expected to be good. The Borough Council met on Monday evening when a large amount of business was transacted, and the question of the water supply was again discussed at some length. A meeting of the committee of the Agricultural and Pastoral Society was held on Thursday evening, when arrangements for the forthcoming show were made.

R.M. COURT.
MASTERTON—SATURDAY.

Mr Bonny had been heard in evidence respecting the matter, and the defendant gave a full statement of her case; the piano was removed from the house after notice had been given, and the account was settled. The Bench considered the question and reserved judgment till a later sitting of the Court. The weather during the week has been fine, and farming operations are being pushed forward in all parts of the district. Shearing will commence early this season, and prices are expected to be good. The Borough Council met on Monday evening when a large amount of business was transacted, and the question of the water supply was again discussed at some length. A meeting of the committee of the Agricultural and Pastoral Society was held on Thursday evening, when arrangements for the forthcoming show were made.

Featherston Notes.
(From Our Own Correspondent.)

Mr Bonny had been heard in evidence respecting the matter, and the defendant gave a full statement of her case; the piano was removed from the house after notice had been given, and the account was settled. The Bench considered the question and reserved judgment till a later sitting of the Court. The weather during the week has been fine, and farming operations are being pushed forward in all parts of the district. Shearing will commence early this season, and prices are expected to be good. The Borough Council met on Monday evening when a large amount of business was transacted, and the question of the water supply was again discussed at some length. A meeting of the committee of the Agricultural and Pastoral Society was held on Thursday evening, when arrangements for the forthcoming show were made.

Mr Bonny had been heard in evidence respecting the matter, and the defendant gave a full statement of her case; the piano was removed from the house after notice had been given, and the account was settled. The Bench considered the question and reserved judgment till a later sitting of the Court. The weather during the week has been fine, and farming operations are being pushed forward in all parts of the district. Shearing will commence early this season, and prices are expected to be good. The Borough Council met on Monday evening when a large amount of business was transacted, and the question of the water supply was again discussed at some length. A meeting of the committee of the Agricultural and Pastoral Society was held on Thursday evening, when arrangements for the forthcoming show were made.

Mr Bonny had been heard in evidence respecting the matter, and the defendant gave a full statement of her case; the piano was removed from the house after notice had been given, and the account was settled. The Bench considered the question and reserved judgment till a later sitting of the Court. The weather during the week has been fine, and farming operations are being pushed forward in all parts of the district. Shearing will commence early this season, and prices are expected to be good. The Borough Council met on Monday evening when a large amount of business was transacted, and the question of the water supply was again discussed at some length. A meeting of the committee of the Agricultural and Pastoral Society was held on Thursday evening, when arrangements for the forthcoming show were made.

CORRESPONDENCE.
(To the Editor, Wairarapa Daily Times.)

Mr Bonny had been heard in evidence respecting the matter, and the defendant gave a full statement of her case; the piano was removed from the house after notice had been given, and the account was settled. The Bench considered the question and reserved judgment till a later sitting of the Court. The weather during the week has been fine, and farming operations are being pushed forward in all parts of the district. Shearing will commence early this season, and prices are expected to be good. The Borough Council met on Monday evening when a large amount of business was transacted, and the question of the water supply was again discussed at some length. A meeting of the committee of the Agricultural and Pastoral Society was held on Thursday evening, when arrangements for the forthcoming show were made.

MEMBER MASTERTON ORCHESTRA.
